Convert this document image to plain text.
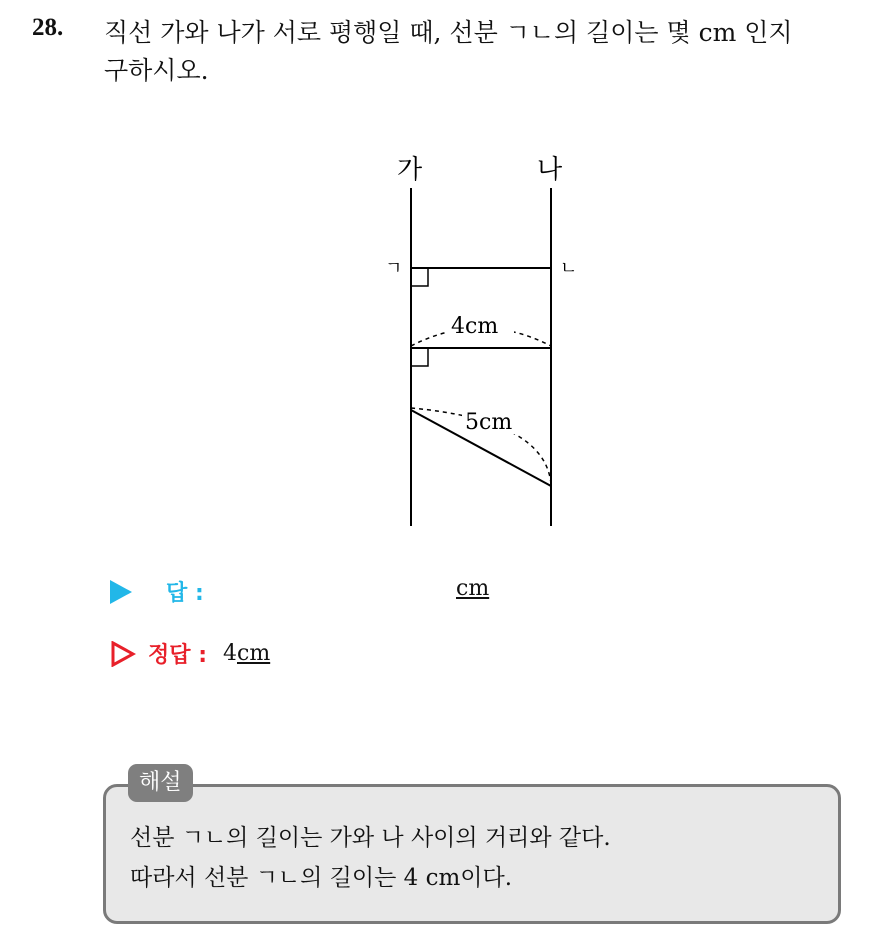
28. 직선 가와 나가 서로 평행일 때, 선분 ㄱㄴ의 길이는 몇 cm 인지
구하시오.
가	나
ㄱ	ㄴ
4cm
5cm
답 :	cm
정답 : 4cm
해설
선분 ㄱㄴ의 길이는 가와 나 사이의 거리와 같다.
따라서 선분 ㄱㄴ의 길이는 4 cm이다.
